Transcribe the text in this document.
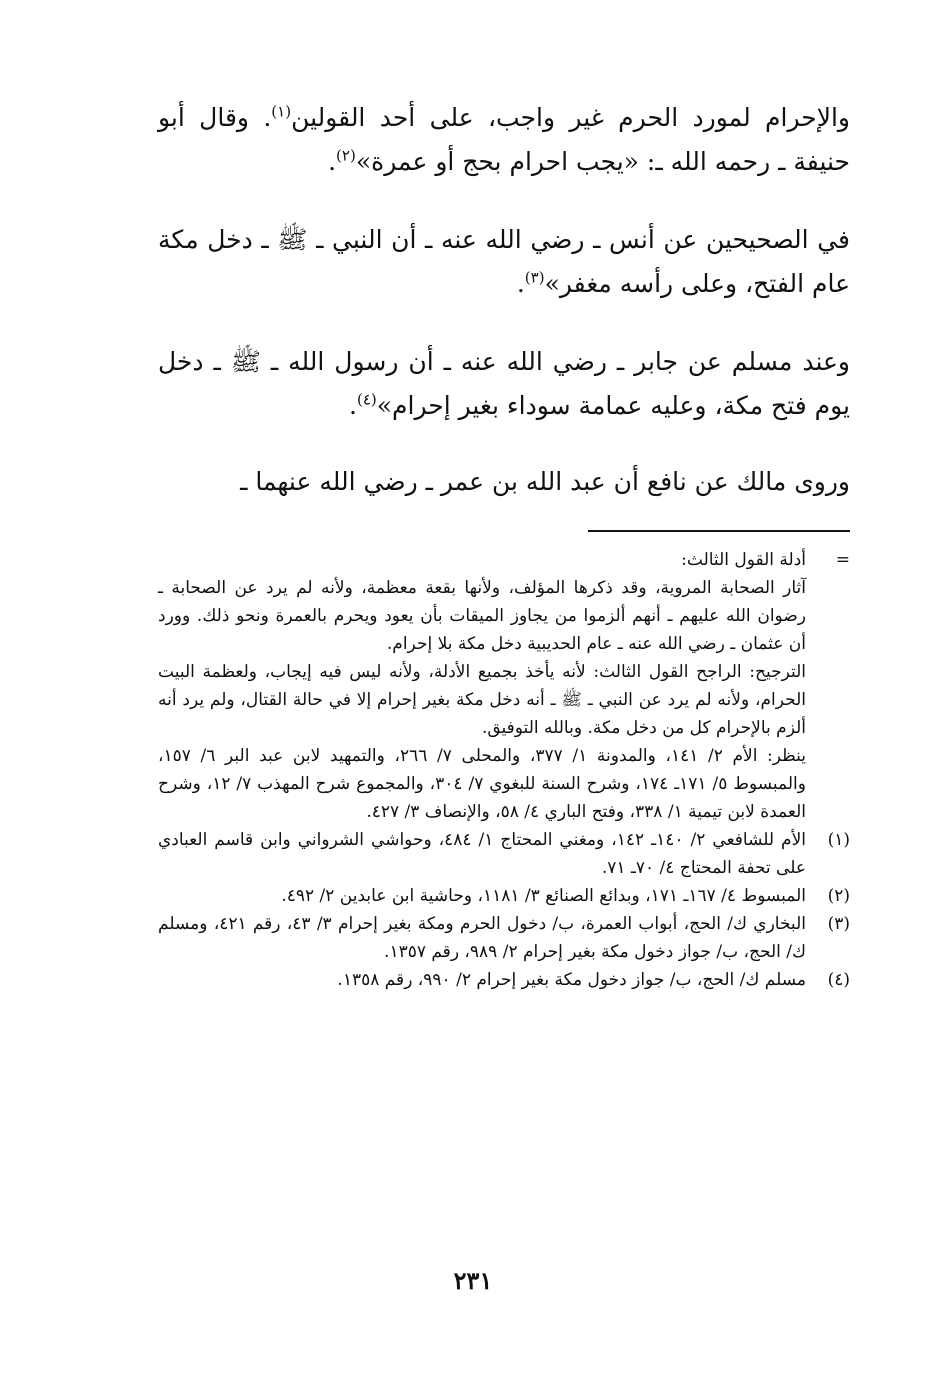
والإحرام لمورد الحرم غير واجب، على أحد القولين$^{(١)}$. وقال أبو حنيفة ـ رحمه الله ـ: «يجب احرام بحج أو عمرة»$^{(٢)}$.

في الصحيحين عن أنس ـ رضي الله عنه ـ أن النبي ـ ﷺ ـ دخل مكة عام الفتح، وعلى رأسه مغفر»$^{(٣)}$.

وعند مسلم عن جابر ـ رضي الله عنه ـ أن رسول الله ـ ﷺ ـ دخل يوم فتح مكة، وعليه عمامة سوداء بغير إحرام»$^{(٤)}$.

وروى مالك عن نافع أن عبد الله بن عمر ـ رضي الله عنهما ـ

=

أدلة القول الثالث:

آثار الصحابة المروية، وقد ذكرها المؤلف، ولأنها بقعة معظمة، ولأنه لم يرد عن الصحابة ـ رضوان الله عليهم ـ أنهم ألزموا من يجاوز الميقات بأن يعود ويحرم بالعمرة ونحو ذلك. وورد أن عثمان ـ رضي الله عنه ـ عام الحديبية دخل مكة بلا إحرام.

الترجيح: الراجح القول الثالث: لأنه يأخذ بجميع الأدلة، ولأنه ليس فيه إيجاب، ولعظمة البيت الحرام، ولأنه لم يرد عن النبي ـ ﷺ ـ أنه دخل مكة بغير إحرام إلا في حالة القتال، ولم يرد أنه ألزم بالإحرام كل من دخل مكة. وبالله التوفيق.

ينظر: الأم ٢/ ١٤١، والمدونة ١/ ٣٧٧، والمحلى ٧/ ٢٦٦، والتمهيد لابن عبد البر ٦/ ١٥٧، والمبسوط ٥/ ١٧١ـ ١٧٤، وشرح السنة للبغوي ٧/ ٣٠٤، والمجموع شرح المهذب ٧/ ١٢، وشرح العمدة لابن تيمية ١/ ٣٣٨، وفتح الباري ٤/ ٥٨، والإنصاف ٣/ ٤٢٧.

(١)
الأم للشافعي ٢/ ١٤٠ـ ١٤٢، ومغني المحتاج ١/ ٤٨٤، وحواشي الشرواني وابن قاسم العبادي على تحفة المحتاج ٤/ ٧٠ـ ٧١.
(٢)
المبسوط ٤/ ١٦٧ـ ١٧١، وبدائع الصنائع ٣/ ١١٨١، وحاشية ابن عابدين ٢/ ٤٩٢.
(٣)
البخاري ك/ الحج، أبواب العمرة، ب/ دخول الحرم ومكة بغير إحرام ٣/ ٤٣، رقم ٤٢١، ومسلم ك/ الحج، ب/ جواز دخول مكة بغير إحرام ٢/ ٩٨٩، رقم ١٣٥٧.
(٤)
مسلم ك/ الحج، ب/ جواز دخول مكة بغير إحرام ٢/ ٩٩٠، رقم ١٣٥٨.
٢٣١
